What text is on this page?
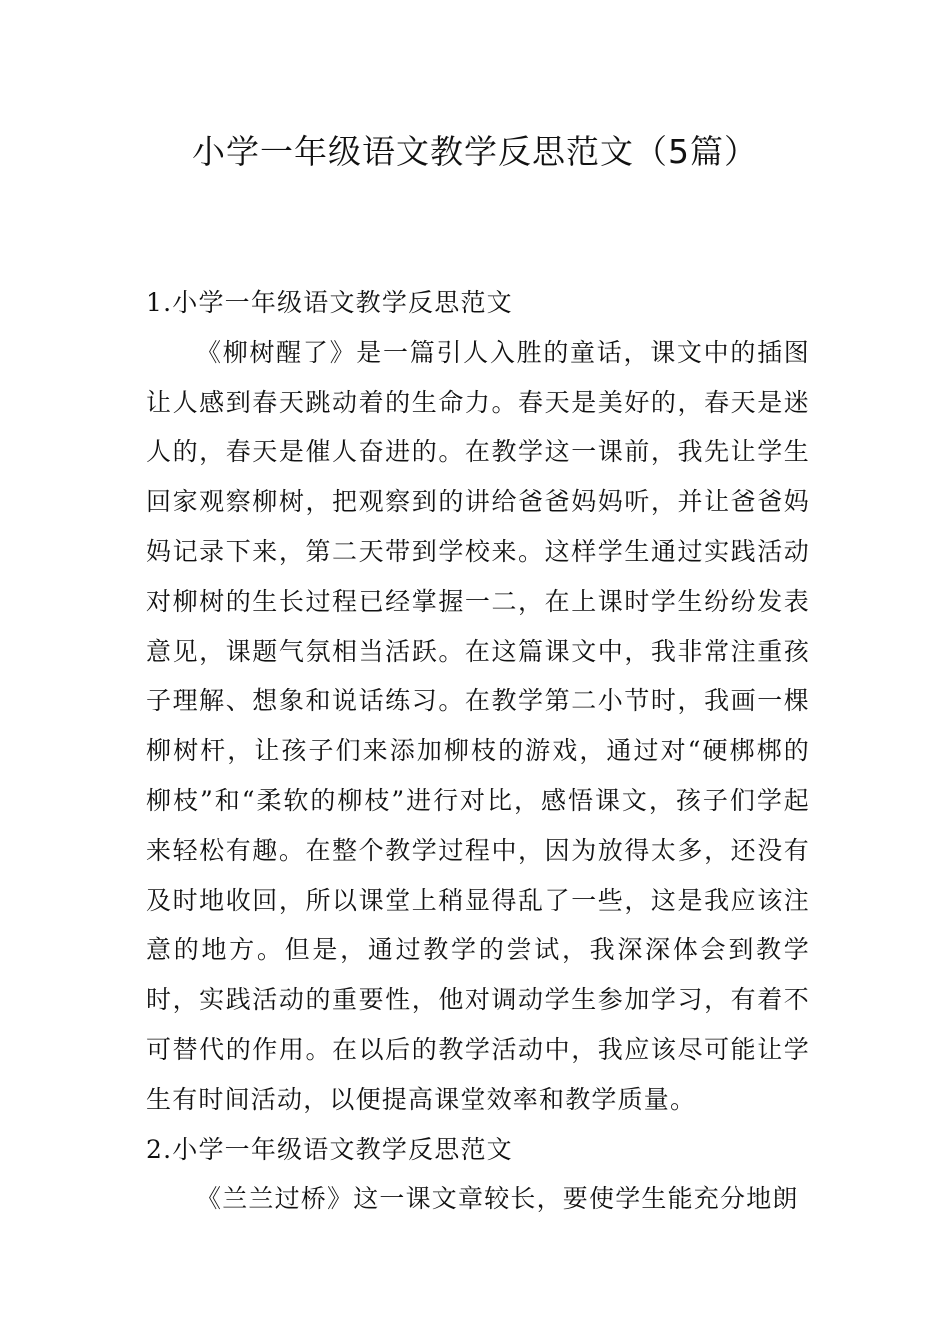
小学一年级语文教学反思范文（5篇）
1.小学一年级语文教学反思范文

《柳树醒了》是一篇引人入胜的童话，课文中的插图让人感到春天跳动着的生命力。春天是美好的，春天是迷人的，春天是催人奋进的。在教学这一课前，我先让学生回家观察柳树，把观察到的讲给爸爸妈妈听，并让爸爸妈妈记录下来，第二天带到学校来。这样学生通过实践活动对柳树的生长过程已经掌握一二，在上课时学生纷纷发表意见，课题气氛相当活跃。在这篇课文中，我非常注重孩子理解、想象和说话练习。在教学第二小节时，我画一棵柳树杆，让孩子们来添加柳枝的游戏，通过对“硬梆梆的柳枝”和“柔软的柳枝”进行对比，感悟课文，孩子们学起来轻松有趣。在整个教学过程中，因为放得太多，还没有及时地收回，所以课堂上稍显得乱了一些，这是我应该注意的地方。但是，通过教学的尝试，我深深体会到教学时，实践活动的重要性，他对调动学生参加学习，有着不可替代的作用。在以后的教学活动中，我应该尽可能让学生有时间活动，以便提高课堂效率和教学质量。

2.小学一年级语文教学反思范文

《兰兰过桥》这一课文章较长，要使学生能充分地朗
